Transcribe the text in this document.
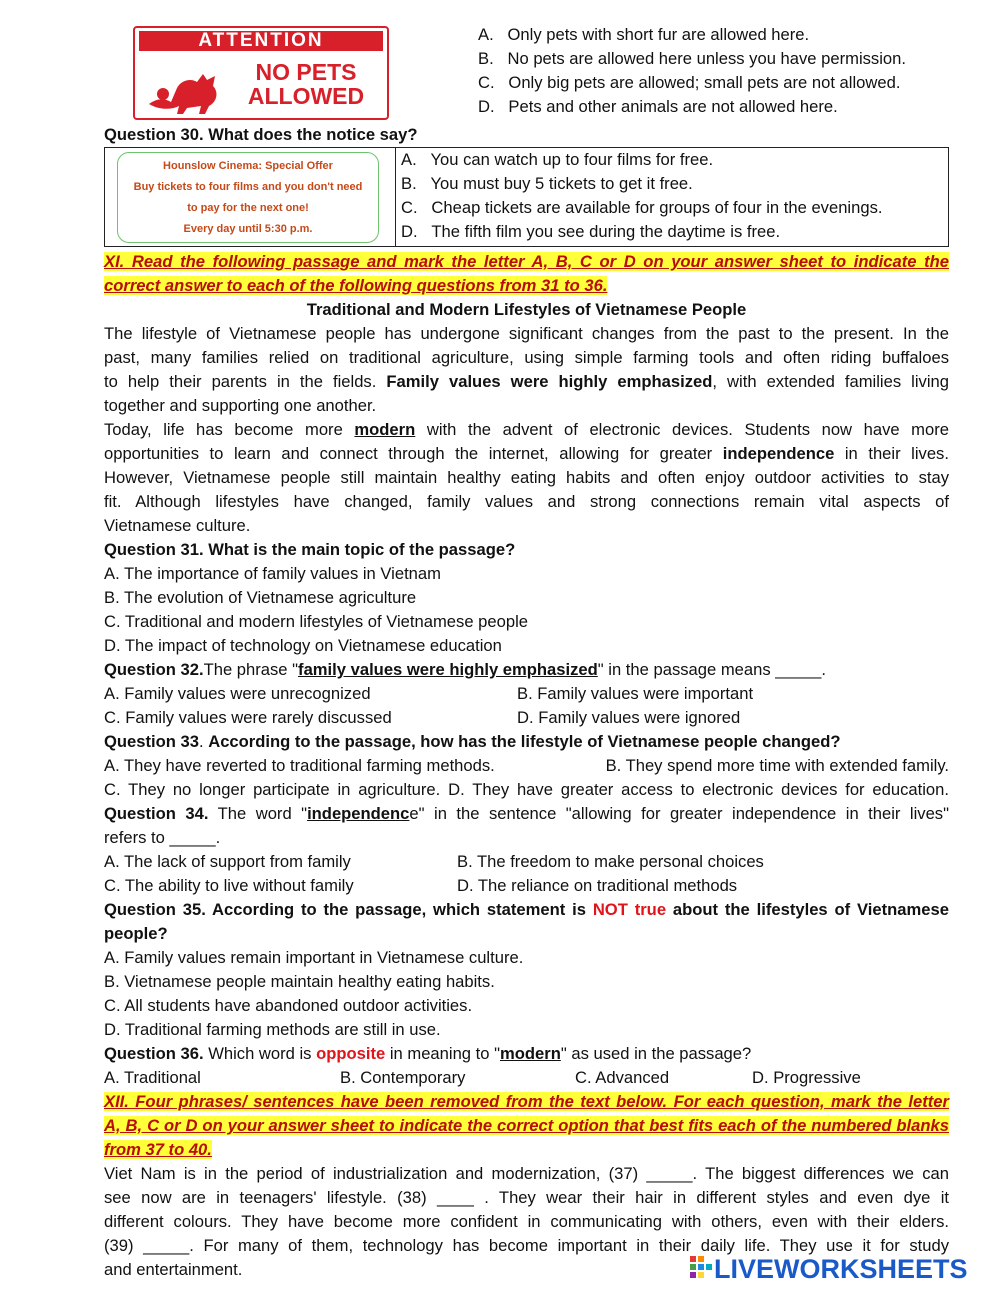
ATTENTION
NO PETS
ALLOWED
A.   Only pets with short fur are allowed here.
B.   No pets are allowed here unless you have permission.
C.   Only big pets are allowed; small pets are not allowed.
D.   Pets and other animals are not allowed here.
Question 30. What does the notice say?
Hounslow Cinema: Special Offer
Buy tickets to four films and you don't need
to pay for the next one!
Every day until 5:30 p.m.
A.   You can watch up to four films for free.
B.   You must buy 5 tickets to get it free.
C.   Cheap tickets are available for groups of four in the evenings.
D.   The fifth film you see during the daytime is free.
XI. Read the following passage and mark the letter A, B, C or D on your answer sheet to indicate the
correct answer to each of the following questions from 31 to 36.
Traditional and Modern Lifestyles of Vietnamese People
The lifestyle of Vietnamese people has undergone significant changes from the past to the present. In the
past, many families relied on traditional agriculture, using simple farming tools and often riding buffaloes
to help their parents in the fields. Family values were highly emphasized, with extended families living
together and supporting one another.
Today, life has become more modern with the advent of electronic devices. Students now have more
opportunities to learn and connect through the internet, allowing for greater independence in their lives.
However, Vietnamese people still maintain healthy eating habits and often enjoy outdoor activities to stay
fit. Although lifestyles have changed, family values and strong connections remain vital aspects of
Vietnamese culture.
Question 31. What is the main topic of the passage?
A. The importance of family values in Vietnam
B. The evolution of Vietnamese agriculture
C. Traditional and modern lifestyles of Vietnamese people
D. The impact of technology on Vietnamese education
Question 32.The phrase "family values were highly emphasized" in the passage means _____.
A. Family values were unrecognized	B. Family values were important
C. Family values were rarely discussed	D. Family values were ignored
Question 33. According to the passage, how has the lifestyle of Vietnamese people changed?
A. They have reverted to traditional farming methods.	B. They spend more time with extended family.
C. They no longer participate in agriculture. D. They have greater access to electronic devices for education.
Question 34. The word "independence" in the sentence "allowing for greater independence in their lives"
refers to _____.
A. The lack of support from family	B. The freedom to make personal choices
C. The ability to live without family	D. The reliance on traditional methods
Question 35. According to the passage, which statement is NOT true about the lifestyles of Vietnamese
people?
A. Family values remain important in Vietnamese culture.
B. Vietnamese people maintain healthy eating habits.
C. All students have abandoned outdoor activities.
D. Traditional farming methods are still in use.
Question 36. Which word is opposite in meaning to "modern" as used in the passage?
A. Traditional	B. Contemporary	C. Advanced	D. Progressive
XII. Four phrases/ sentences have been removed from the text below. For each question, mark the letter
A, B, C or D on your answer sheet to indicate the correct option that best fits each of the numbered blanks
from 37 to 40.
Viet Nam is in the period of industrialization and modernization, (37) _____. The biggest differences we can
see now are in teenagers' lifestyle. (38) ____ . They wear their hair in different styles and even dye it
different colours. They have become more confident in communicating with others, even with their elders.
(39) _____. For many of them, technology has become important in their daily life. They use it for study
and entertainment.	LIVEWORKSHEETS
